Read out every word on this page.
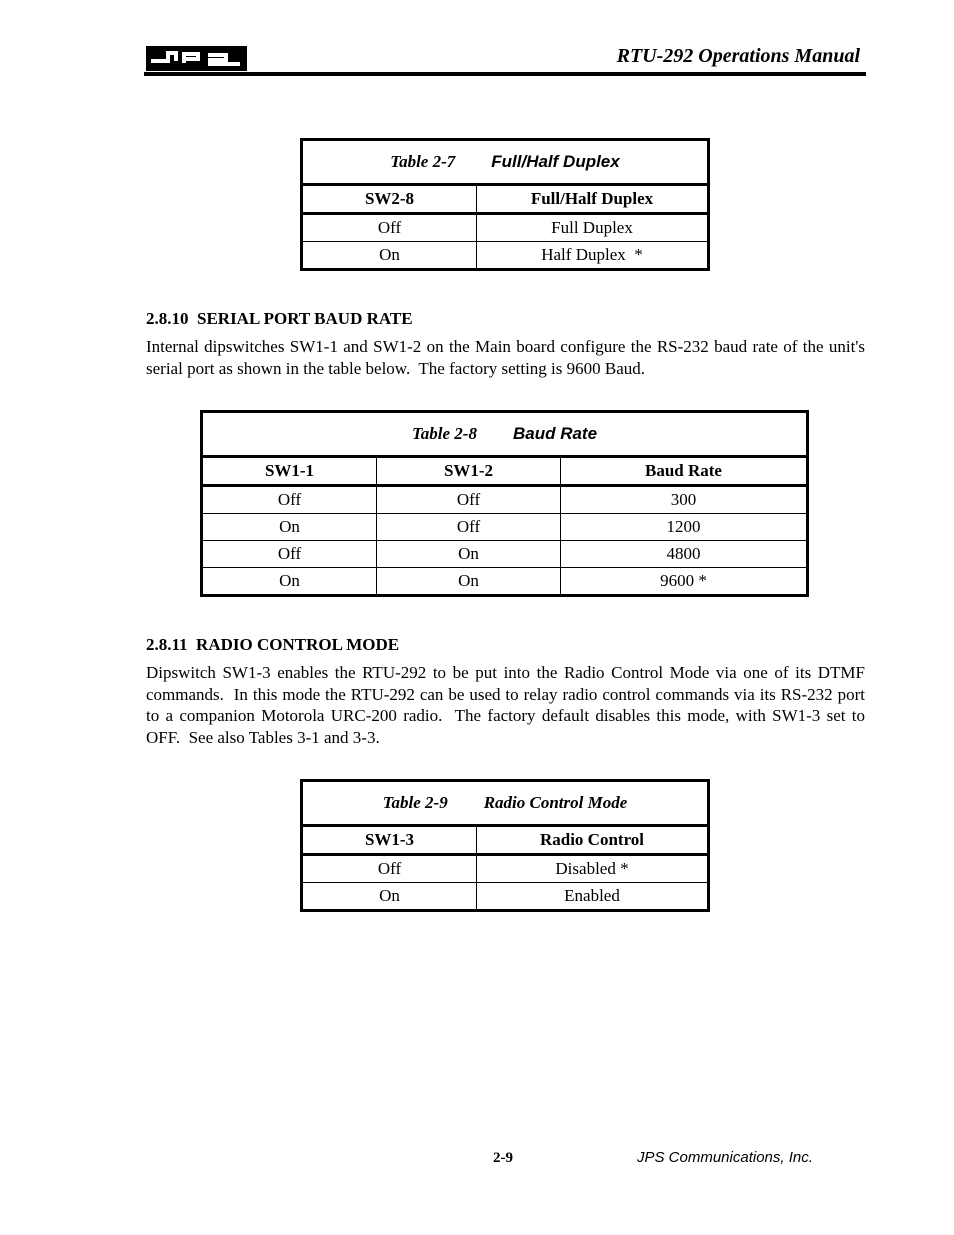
RTU-292 Operations Manual
Table 2-7 Full/Half Duplex	
SW2-8	Full/Half Duplex
Off	Full Duplex
On	Half Duplex  *
2.8.10  SERIAL PORT BAUD RATE
Internal dipswitches SW1-1 and SW1-2 on the Main board configure the RS-232 baud rate of the unit's serial port as shown in the table below.  The factory setting is 9600 Baud.
Table 2-8 Baud Rate		
SW1-1	SW1-2	Baud Rate
Off	Off	300
On	Off	1200
Off	On	4800
On	On	9600 *
2.8.11  RADIO CONTROL MODE
Dipswitch SW1-3 enables the RTU-292 to be put into the Radio Control Mode via one of its DTMF commands.  In this mode the RTU-292 can be used to relay radio control commands via its RS-232 port to a companion Motorola URC-200 radio.  The factory default disables this mode, with SW1-3 set to OFF.  See also Tables 3-1 and 3-3.
Table 2-9 Radio Control Mode	
SW1-3	Radio Control
Off	Disabled *
On	Enabled
2-9	JPS Communications, Inc.
